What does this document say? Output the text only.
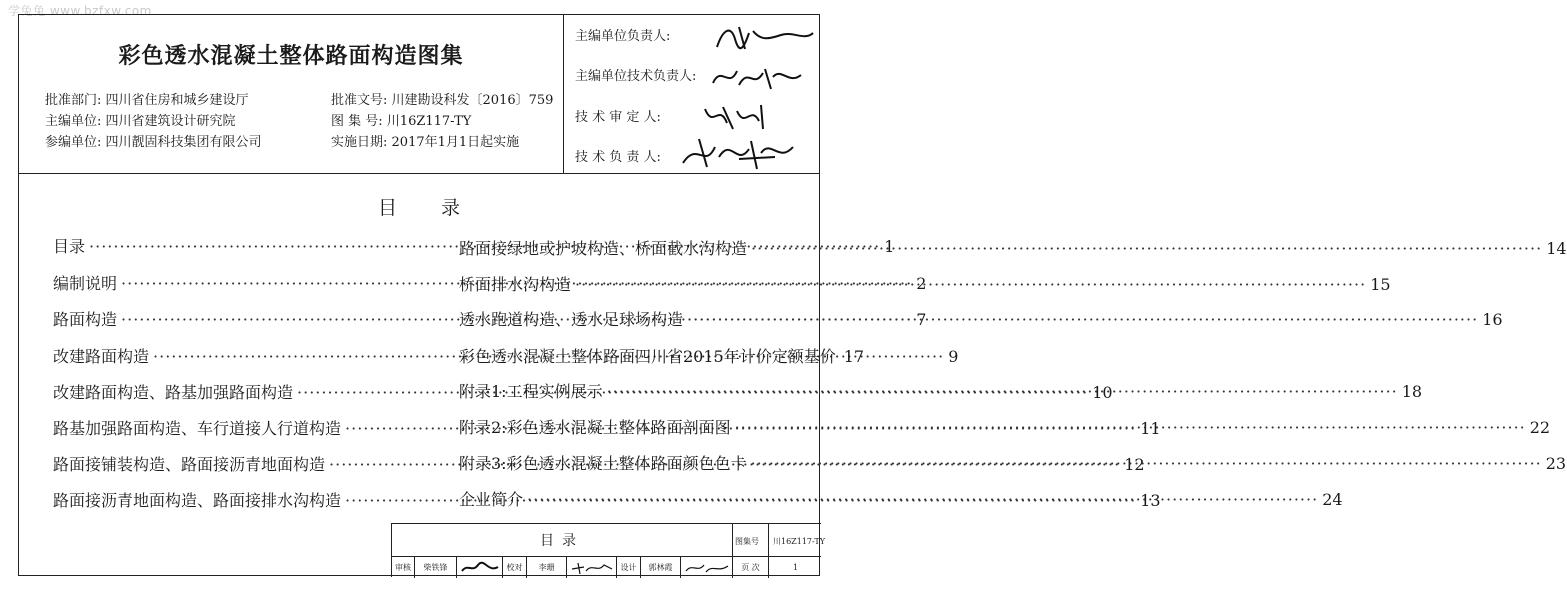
学兔兔 www.bzfxw.com
彩色透水混凝土整体路面构造图集
批准部门: 四川省住房和城乡建设厅
主编单位: 四川省建筑设计研究院
参编单位: 四川靓固科技集团有限公司
批准文号: 川建勘设科发〔2016〕759
图 集 号: 川16Z117-TY
实施日期: 2017年1月1日起实施
主编单位负责人:
主编单位技术负责人:
技 术 审 定 人:
技 术 负 责 人:
目录
目录 ·····	1
编制说明 ·····	2
路面构造 ·····	7
改建路面构造 ·····	9
改建路面构造、路基加强路面构造 ·····	10
路基加强路面构造、车行道接人行道构造 ·····	11
路面接铺装构造、路面接沥青地面构造 ·····	12
路面接沥青地面构造、路面接排水沟构造 ·····	13
路面接绿地或护坡构造、桥面截水沟构造 ·····	14
桥面排水沟构造 ·····	15
透水跑道构造、透水足球场构造 ·····	16
彩色透水混凝土整体路面四川省2015年计价定额基价 17
附录1:工程实例展示 ·····	18
附录2:彩色透水混凝土整体路面剖面图 ·····	22
附录3:彩色透水混凝土整体路面颜色色卡 ·····	23
企业简介 ·····	24
目录	图集号 川16Z117-TY
审核	柴铁锋	校对	李珊	设计	郭林霞	页 次	1
